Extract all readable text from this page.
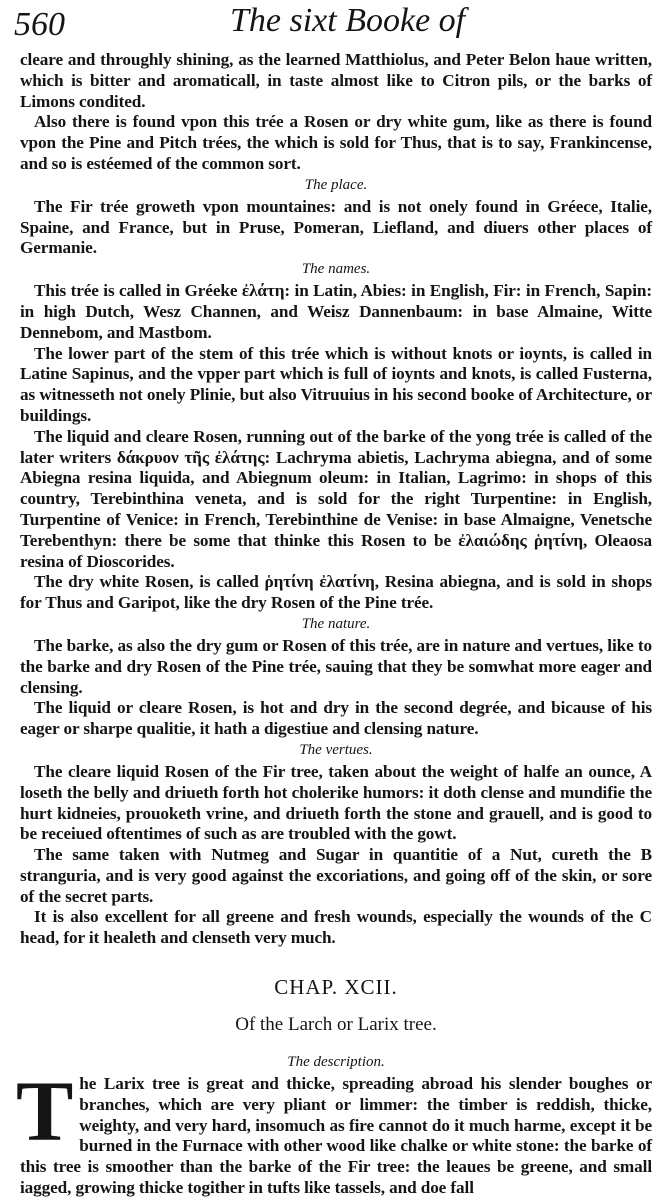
560	The sixt Booke of

cleare and throughly shining, as the learned Matthiolus, and Peter Belon haue written, which is bitter and aromaticall, in taste almost like to Citron pils, or the barks of Limons condited.

Also there is found vpon this trée a Rosen or dry white gum, like as there is found vpon the Pine and Pitch trées, the which is sold for Thus, that is to say, Frankincense, and so is estéemed of the common sort.

The place.

The Fir trée groweth vpon mountaines: and is not onely found in Gréece, Italie, Spaine, and France, but in Pruse, Pomeran, Liefland, and diuers other places of Germanie.

The names.

This trée is called in Gréeke ἐλάτη: in Latin, Abies: in English, Fir: in French, Sapin: in high Dutch, Wesz Channen, and Weisz Dannenbaum: in base Almaine, Witte Dennebom, and Mastbom.

The lower part of the stem of this trée which is without knots or ioynts, is called in Latine Sapinus, and the vpper part which is full of ioynts and knots, is called Fusterna, as witnesseth not onely Plinie, but also Vitruuius in his second booke of Architecture, or buildings.

The liquid and cleare Rosen, running out of the barke of the yong trée is called of the later writers δάκρυον τῆς ἐλάτης: Lachryma abietis, Lachryma abiegna, and of some Abiegna resina liquida, and Abiegnum oleum: in Italian, Lagrimo: in shops of this country, Terebinthina veneta, and is sold for the right Turpentine: in English, Turpentine of Venice: in French, Terebinthine de Venise: in base Almaigne, Venetsche Terebenthyn: there be some that thinke this Rosen to be ἐλαιώδης ῥητίνη, Oleaosa resina of Dioscorides.

The dry white Rosen, is called ῥητίνη ἐλατίνη, Resina abiegna, and is sold in shops for Thus and Garipot, like the dry Rosen of the Pine trée.

The nature.

The barke, as also the dry gum or Rosen of this trée, are in nature and vertues, like to the barke and dry Rosen of the Pine trée, sauing that they be somwhat more eager and clensing.

The liquid or cleare Rosen, is hot and dry in the second degrée, and bicause of his eager or sharpe qualitie, it hath a digestiue and clensing nature.

The vertues.

The cleare liquid Rosen of the Fir tree, taken about the weight of halfe an ounce, A loseth the belly and driueth forth hot cholerike humors: it doth clense and mundifie the hurt kidneies, prouoketh vrine, and driueth forth the stone and grauell, and is good to be receiued oftentimes of such as are troubled with the gowt.

The same taken with Nutmeg and Sugar in quantitie of a Nut, cureth the B stranguria, and is very good against the excoriations, and going off of the skin, or sore of the secret parts.

It is also excellent for all greene and fresh wounds, especially the wounds of the C head, for it healeth and clenseth very much.

CHAP. XCII.
Of the Larch or Larix tree.
The description.

The Larix tree is great and thicke, spreading abroad his slender boughes or branches, which are very pliant or limmer: the timber is reddish, thicke, weighty, and very hard, insomuch as fire cannot do it much harme, except it be burned in the Furnace with other wood like chalke or white stone: the barke of this tree is smoother than the barke of the Fir tree: the leaues be greene, and small iagged, growing thicke togither in tufts like tassels, and doe fall
